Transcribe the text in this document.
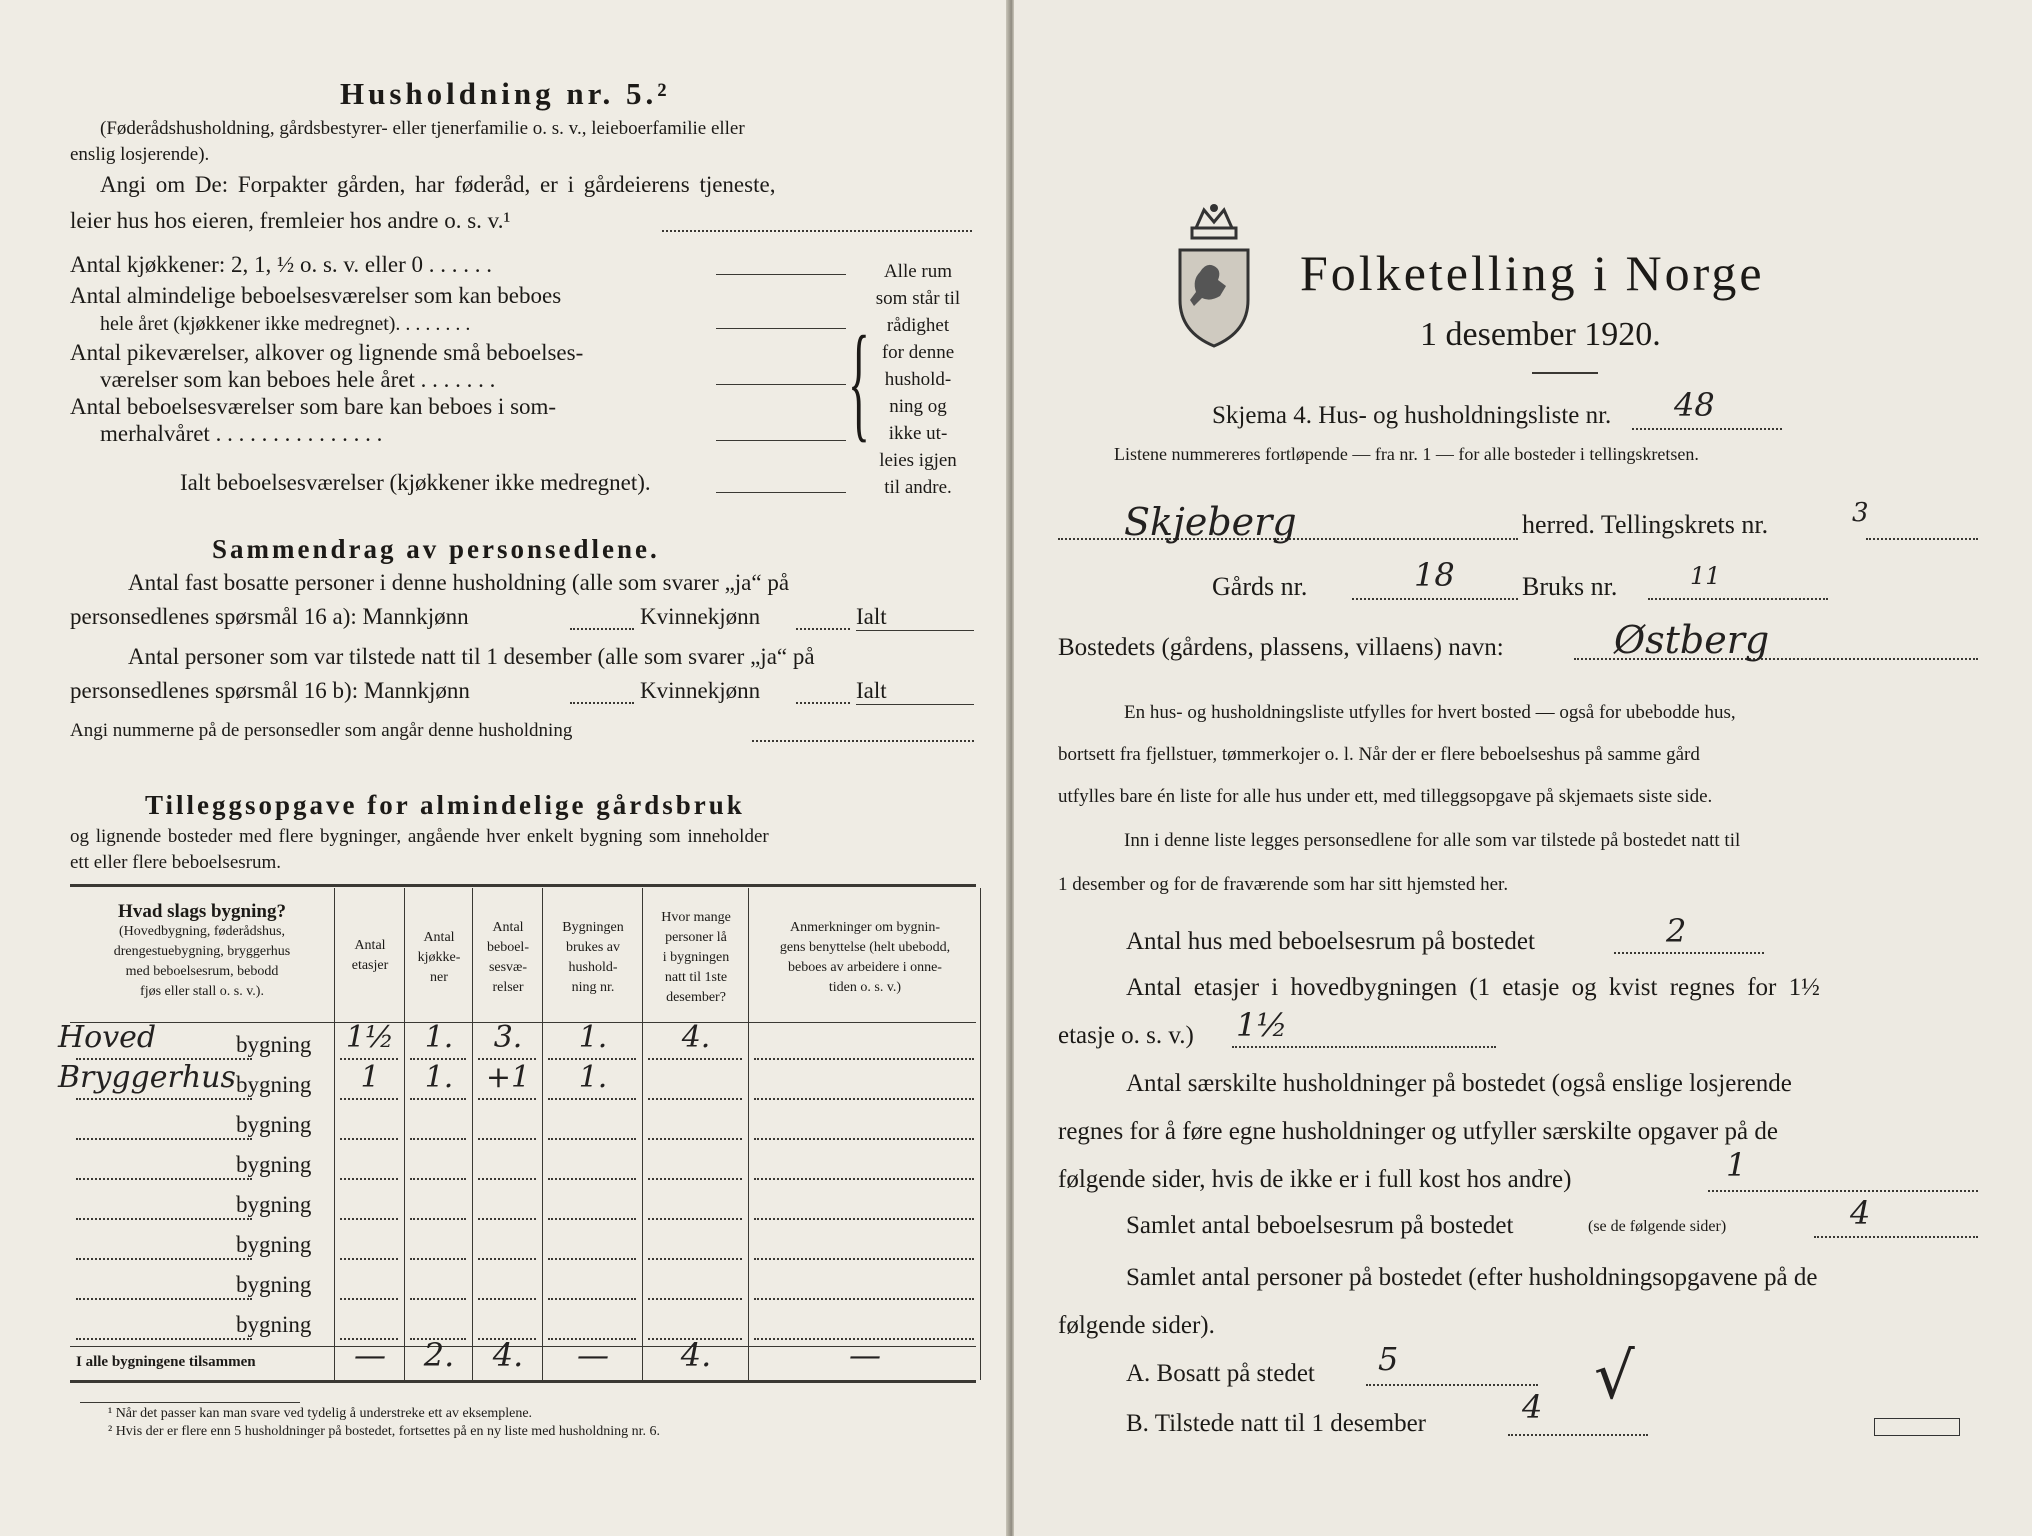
Husholdning nr. 5.²
(Føderådshusholdning, gårdsbestyrer- eller tjenerfamilie o. s. v., leieboerfamilie eller
enslig losjerende).
Angi om De: Forpakter gården, har føderåd, er i gårdeierens tjeneste,
leier hus hos eieren, fremleier hos andre o. s. v.¹
Antal kjøkkener: 2, 1, ½ o. s. v. eller 0 . . . . . .
Antal almindelige beboelsesværelser som kan beboes
hele året (kjøkkener ikke medregnet). . . . . . . .
Antal pikeværelser, alkover og lignende små beboelses-
værelser som kan beboes hele året . . . . . . .
Antal beboelsesværelser som bare kan beboes i som-
merhalvåret . . . . . . . . . . . . . . .
Ialt beboelsesværelser (kjøkkener ikke medregnet).
{
Alle rum
som står til
rådighet
for denne
hushold-
ning og
ikke ut-
leies igjen
til andre.
Sammendrag av personsedlene.
Antal fast bosatte personer i denne husholdning (alle som svarer „ja“ på
personsedlenes spørsmål 16 a): Mannkjønn	Kvinnekjønn	Ialt
Antal personer som var tilstede natt til 1 desember (alle som svarer „ja“ på
personsedlenes spørsmål 16 b): Mannkjønn	Kvinnekjønn	Ialt
Angi nummerne på de personsedler som angår denne husholdning
Tilleggsopgave for almindelige gårdsbruk
og lignende bosteder med flere bygninger, angående hver enkelt bygning som inneholder
ett eller flere beboelsesrum.
Hvad slags bygning?
(Hovedbygning, føderådshus,
drengestuebygning, bryggerhus
med beboelsesrum, bebodd
fjøs eller stall o. s. v.).
Antal
etasjer
Antal
kjøkke-
ner
Antal
beboel-
sesvæ-
relser
Bygningen
brukes av
hushold-
ning nr.
Hvor mange
personer lå
i bygningen
natt til 1ste
desember?
Anmerkninger om bygnin-
gens benyttelse (helt ubebodd,
beboes av arbeidere i onne-
tiden o. s. v.)
Hoved	bygning	1½	1.	3.	1.	4.
Bryggerhus bygning	1	1.	+1	1.
bygning
bygning
bygning
bygning
bygning
bygning
I alle bygningene tilsammen	—	2.	4.	—	4.	—
¹ Når det passer kan man svare ved tydelig å understreke ett av eksemplene.
² Hvis der er flere enn 5 husholdninger på bostedet, fortsettes på en ny liste med husholdning nr. 6.
Folketelling i Norge
1 desember 1920.
Skjema 4. Hus- og husholdningsliste nr. 48
Listene nummereres fortløpende — fra nr. 1 — for alle bosteder i tellingskretsen.
Skjeberg	herred. Tellingskrets nr.	3
Gårds nr.	18	Bruks nr.	11
Bostedets (gårdens, plassens, villaens) navn:	Østberg
En hus- og husholdningsliste utfylles for hvert bosted — også for ubebodde hus,
bortsett fra fjellstuer, tømmerkojer o. l. Når der er flere beboelseshus på samme gård
utfylles bare én liste for alle hus under ett, med tilleggsopgave på skjemaets siste side.
Inn i denne liste legges personsedlene for alle som var tilstede på bostedet natt til
1 desember og for de fraværende som har sitt hjemsted her.
Antal hus med beboelsesrum på bostedet	2
Antal etasjer i hovedbygningen (1 etasje og kvist regnes for 1½
etasje o. s. v.) 1½
Antal særskilte husholdninger på bostedet (også enslige losjerende
regnes for å føre egne husholdninger og utfyller særskilte opgaver på de
følgende sider, hvis de ikke er i full kost hos andre)	1
Samlet antal beboelsesrum på bostedet	(se de følgende sider)	4
Samlet antal personer på bostedet (efter husholdningsopgavene på de
følgende sider).
A. Bosatt på stedet 5	√
B. Tilstede natt til 1 desember	4
